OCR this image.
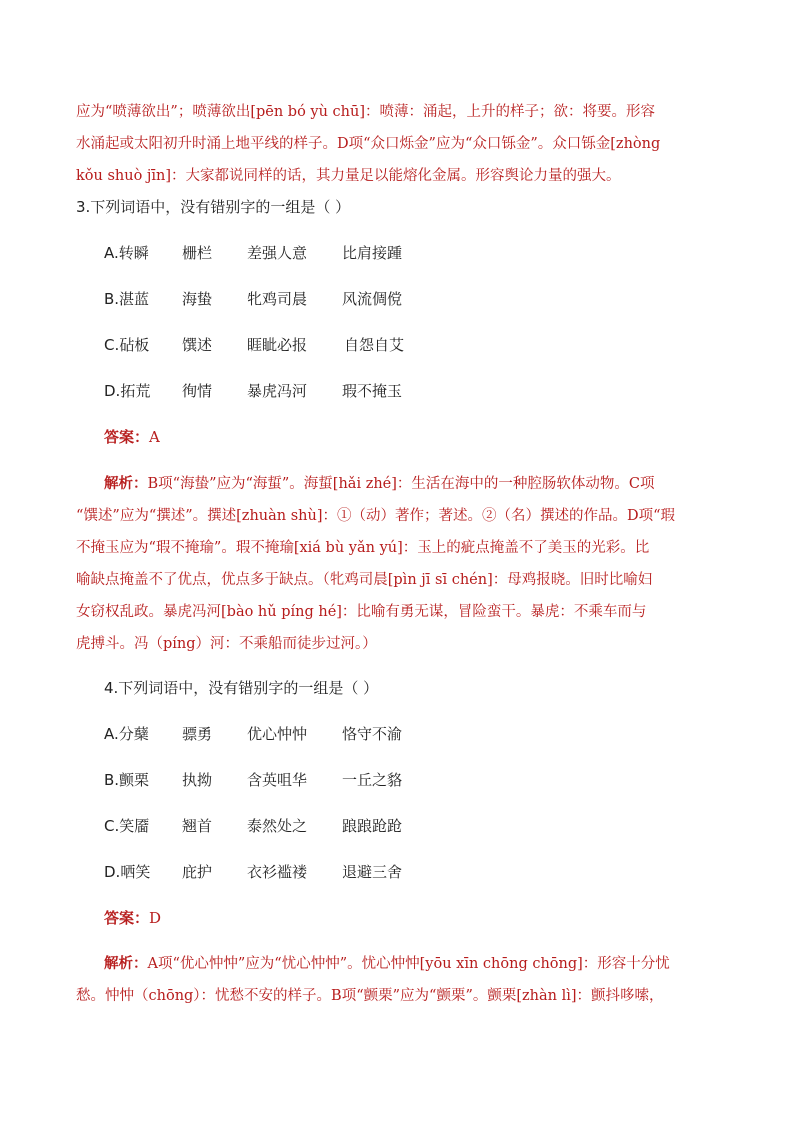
应为“喷薄欲出”；喷薄欲出[pēn bó yù chū]：喷薄：涌起，上升的样子；欲：将要。形容
水涌起或太阳初升时涌上地平线的样子。D项“众口烁金”应为“众口铄金”。众口铄金[zhòng
kǒu shuò jīn]：大家都说同样的话，其力量足以能熔化金属。形容舆论力量的强大。
3.下列词语中，没有错别字的一组是（ ）
A.转瞬 栅栏 差强人意 比肩接踵
B.湛蓝 海蛰 牝鸡司晨 风流倜傥
C.砧板 馔述 睚眦必报 自怨自艾
D.拓荒 徇情 暴虎冯河 瑕不掩玉
答案：A
解析：B项“海蛰”应为“海蜇”。海蜇[hǎi zhé]：生活在海中的一种腔肠软体动物。C项
“馔述”应为“撰述”。撰述[zhuàn shù]：①（动）著作；著述。②（名）撰述的作品。D项“瑕
不掩玉应为“瑕不掩瑜”。瑕不掩瑜[xiá bù yǎn yú]：玉上的疵点掩盖不了美玉的光彩。比
喻缺点掩盖不了优点，优点多于缺点。（牝鸡司晨[pìn jī sī chén]：母鸡报晓。旧时比喻妇
女窃权乱政。暴虎冯河[bào hǔ píng hé]：比喻有勇无谋，冒险蛮干。暴虎：不乘车而与
虎搏斗。冯（píng）河：不乘船而徒步过河。）
4.下列词语中，没有错别字的一组是（ ）
A.分蘖 骠勇 优心忡忡 恪守不渝
B.颤栗 执拗 含英咀华 一丘之貉
C.笑靥 翘首 泰然处之 踉踉跄跄
D.哂笑 庇护 衣衫褴褛 退避三舍
答案：D
解析：A项“优心忡忡”应为“忧心忡忡”。忧心忡忡[yōu xīn chōng chōng]：形容十分忧
愁。忡忡（chōng）：忧愁不安的样子。B项“颤栗”应为“颤栗”。颤栗[zhàn lì]：颤抖哆嗦，
